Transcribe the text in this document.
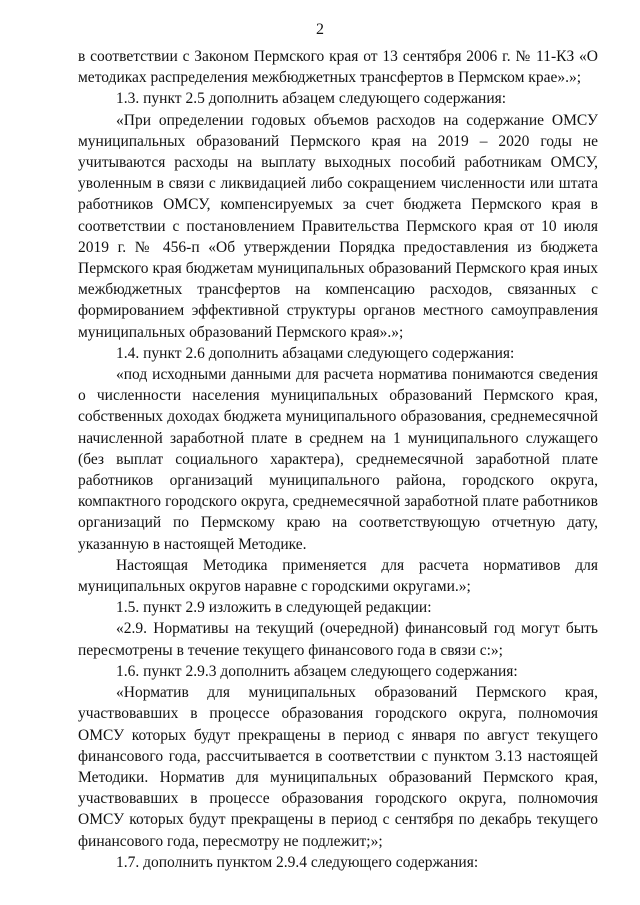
2

в соответствии с Законом Пермского края от 13 сентября 2006 г. № 11-КЗ «О методиках распределения межбюджетных трансфертов в Пермском крае».»;

1.3. пункт 2.5 дополнить абзацем следующего содержания:

«При определении годовых объемов расходов на содержание ОМСУ муниципальных образований Пермского края на 2019 – 2020 годы не учитываются расходы на выплату выходных пособий работникам ОМСУ, уволенным в связи с ликвидацией либо сокращением численности или штата работников ОМСУ, компенсируемых за счет бюджета Пермского края в соответствии с постановлением Правительства Пермского края от 10 июля 2019 г. № 456-п «Об утверждении Порядка предоставления из бюджета Пермского края бюджетам муниципальных образований Пермского края иных межбюджетных трансфертов на компенсацию расходов, связанных с формированием эффективной структуры органов местного самоуправления муниципальных образований Пермского края».»;

1.4. пункт 2.6 дополнить абзацами следующего содержания:

«под исходными данными для расчета норматива понимаются сведения о численности населения муниципальных образований Пермского края, собственных доходах бюджета муниципального образования, среднемесячной начисленной заработной плате в среднем на 1 муниципального служащего (без выплат социального характера), среднемесячной заработной плате работников организаций муниципального района, городского округа, компактного городского округа, среднемесячной заработной плате работников организаций по Пермскому краю на соответствующую отчетную дату, указанную в настоящей Методике.

Настоящая Методика применяется для расчета нормативов для муниципальных округов наравне с городскими округами.»;

1.5. пункт 2.9 изложить в следующей редакции:

«2.9. Нормативы на текущий (очередной) финансовый год могут быть пересмотрены в течение текущего финансового года в связи с:»;

1.6. пункт 2.9.3 дополнить абзацем следующего содержания:

«Норматив для муниципальных образований Пермского края, участвовавших в процессе образования городского округа, полномочия ОМСУ которых будут прекращены в период с января по август текущего финансового года, рассчитывается в соответствии с пунктом 3.13 настоящей Методики. Норматив для муниципальных образований Пермского края, участвовавших в процессе образования городского округа, полномочия ОМСУ которых будут прекращены в период с сентября по декабрь текущего финансового года, пересмотру не подлежит;»;

1.7. дополнить пунктом 2.9.4 следующего содержания:
